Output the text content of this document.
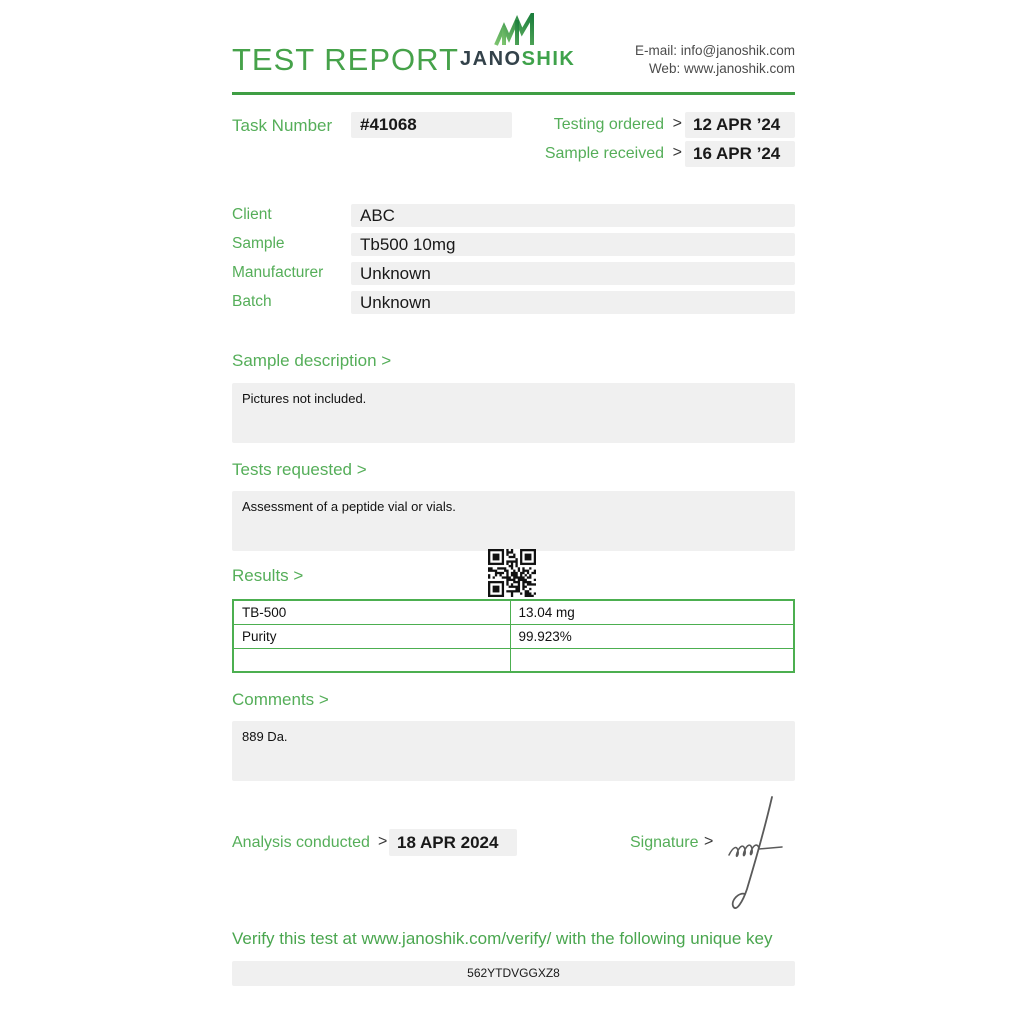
TEST REPORT JANOSHIK	E-mail: info@janoshik.com
Web: www.janoshik.com
Task Number	#41068	Testing ordered > 12 APR ’24
Sample received > 16 APR ’24
Client	ABC
Sample	Tb500 10mg
Manufacturer	Unknown
Batch	Unknown
Sample description >
Pictures not included.
Tests requested >
Assessment of a peptide vial or vials.
Results >
TB-500	13.04 mg
Purity	99.923%

Comments >
889 Da.
Analysis conducted > 18 APR 2024	Signature >
Verify this test at www.janoshik.com/verify/ with the following unique key
562YTDVGGXZ8
